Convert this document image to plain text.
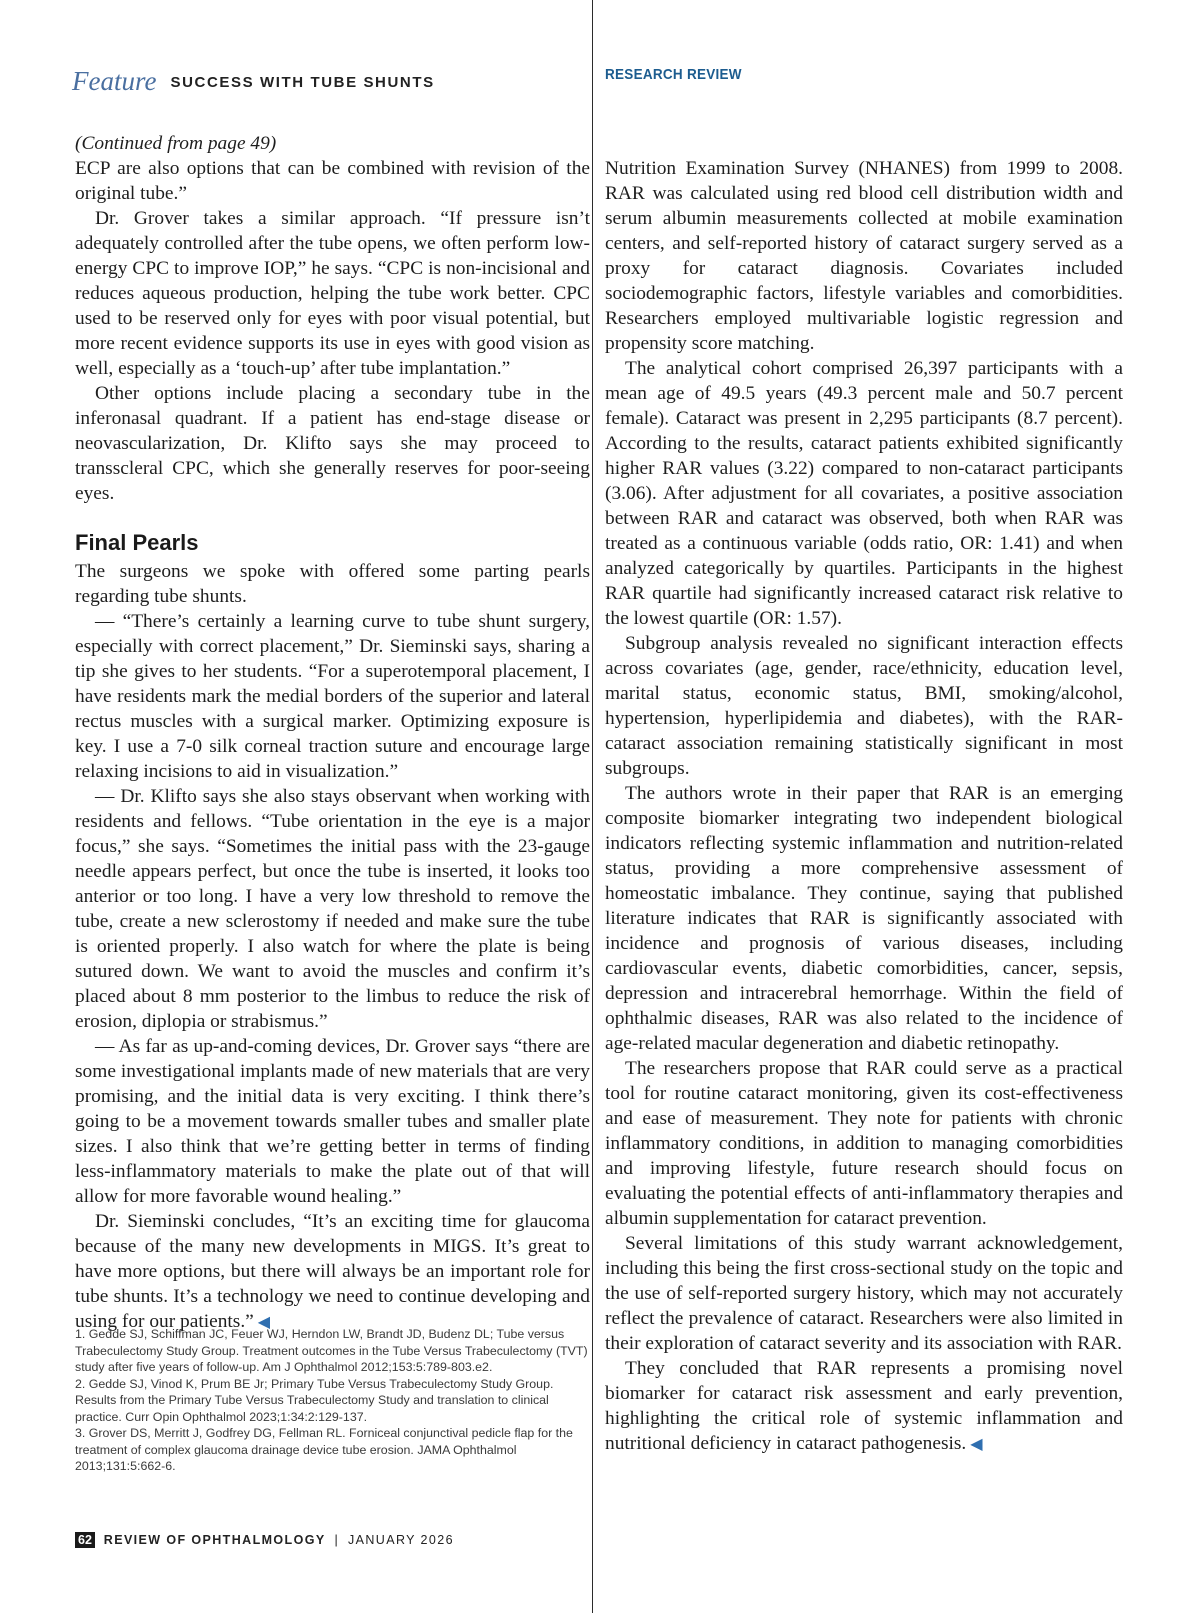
Feature SUCCESS WITH TUBE SHUNTS	RESEARCH REVIEW

(Continued from page 49)

ECP are also options that can be combined with revision of the original tube.”

Dr. Grover takes a similar approach. “If pressure isn’t adequately controlled after the tube opens, we often perform low-energy CPC to improve IOP,” he says. “CPC is non-incisional and reduces aqueous production, helping the tube work better. CPC used to be reserved only for eyes with poor visual potential, but more recent evidence supports its use in eyes with good vision as well, especially as a ‘touch-up’ after tube implantation.”

Other options include placing a secondary tube in the inferonasal quadrant. If a patient has end-stage disease or neovascularization, Dr. Klifto says she may proceed to transscleral CPC, which she generally reserves for poor-seeing eyes.

Final Pearls

The surgeons we spoke with offered some parting pearls regarding tube shunts.

— “There’s certainly a learning curve to tube shunt surgery, especially with correct placement,” Dr. Sieminski says, sharing a tip she gives to her students. “For a superotemporal placement, I have residents mark the medial borders of the superior and lateral rectus muscles with a surgical marker. Optimizing exposure is key. I use a 7-0 silk corneal traction suture and encourage large relaxing incisions to aid in visualization.”

— Dr. Klifto says she also stays observant when working with residents and fellows. “Tube orientation in the eye is a major focus,” she says. “Sometimes the initial pass with the 23-gauge needle appears perfect, but once the tube is inserted, it looks too anterior or too long. I have a very low threshold to remove the tube, create a new sclerostomy if needed and make sure the tube is oriented properly. I also watch for where the plate is being sutured down. We want to avoid the muscles and confirm it’s placed about 8 mm posterior to the limbus to reduce the risk of erosion, diplopia or strabismus.”

— As far as up-and-coming devices, Dr. Grover says “there are some investigational implants made of new materials that are very promising, and the initial data is very exciting. I think there’s going to be a movement towards smaller tubes and smaller plate sizes. I also think that we’re getting better in terms of finding less-inflammatory materials to make the plate out of that will allow for more favorable wound healing.”

Dr. Sieminski concludes, “It’s an exciting time for glaucoma because of the many new developments in MIGS. It’s great to have more options, but there will always be an important role for tube shunts. It’s a technology we need to continue developing and using for our patients.” ◀

1. Gedde SJ, Schiffman JC, Feuer WJ, Herndon LW, Brandt JD, Budenz DL; Tube versus Trabeculectomy Study Group. Treatment outcomes in the Tube Versus Trabeculectomy (TVT) study after five years of follow-up. Am J Ophthalmol 2012;153:5:789-803.e2.

2. Gedde SJ, Vinod K, Prum BE Jr; Primary Tube Versus Trabeculectomy Study Group. Results from the Primary Tube Versus Trabeculectomy Study and translation to clinical practice. Curr Opin Ophthalmol 2023;1:34:2:129-137.

3. Grover DS, Merritt J, Godfrey DG, Fellman RL. Forniceal conjunctival pedicle flap for the treatment of complex glaucoma drainage device tube erosion. JAMA Ophthalmol 2013;131:5:662-6.

Nutrition Examination Survey (NHANES) from 1999 to 2008. RAR was calculated using red blood cell distribution width and serum albumin measurements collected at mobile examination centers, and self-reported history of cataract surgery served as a proxy for cataract diagnosis. Covariates included sociodemographic factors, lifestyle variables and comorbidities. Researchers employed multivariable logistic regression and propensity score matching.

The analytical cohort comprised 26,397 participants with a mean age of 49.5 years (49.3 percent male and 50.7 percent female). Cataract was present in 2,295 participants (8.7 percent). According to the results, cataract patients exhibited significantly higher RAR values (3.22) compared to non-cataract participants (3.06). After adjustment for all covariates, a positive association between RAR and cataract was observed, both when RAR was treated as a continuous variable (odds ratio, OR: 1.41) and when analyzed categorically by quartiles. Participants in the highest RAR quartile had significantly increased cataract risk relative to the lowest quartile (OR: 1.57).

Subgroup analysis revealed no significant interaction effects across covariates (age, gender, race/ethnicity, education level, marital status, economic status, BMI, smoking/alcohol, hypertension, hyperlipidemia and diabetes), with the RAR-cataract association remaining statistically significant in most subgroups.

The authors wrote in their paper that RAR is an emerging composite biomarker integrating two independent biological indicators reflecting systemic inflammation and nutrition-related status, providing a more comprehensive assessment of homeostatic imbalance. They continue, saying that published literature indicates that RAR is significantly associated with incidence and prognosis of various diseases, including cardiovascular events, diabetic comorbidities, cancer, sepsis, depression and intracerebral hemorrhage. Within the field of ophthalmic diseases, RAR was also related to the incidence of age-related macular degeneration and diabetic retinopathy.

The researchers propose that RAR could serve as a practical tool for routine cataract monitoring, given its cost-effectiveness and ease of measurement. They note for patients with chronic inflammatory conditions, in addition to managing comorbidities and improving lifestyle, future research should focus on evaluating the potential effects of anti-inflammatory therapies and albumin supplementation for cataract prevention.

Several limitations of this study warrant acknowledgement, including this being the first cross-sectional study on the topic and the use of self-reported surgery history, which may not accurately reflect the prevalence of cataract. Researchers were also limited in their exploration of cataract severity and its association with RAR.

They concluded that RAR represents a promising novel biomarker for cataract risk assessment and early prevention, highlighting the critical role of systemic inflammation and nutritional deficiency in cataract pathogenesis. ◀

62 REVIEW OF OPHTHALMOLOGY | JANUARY 2026
